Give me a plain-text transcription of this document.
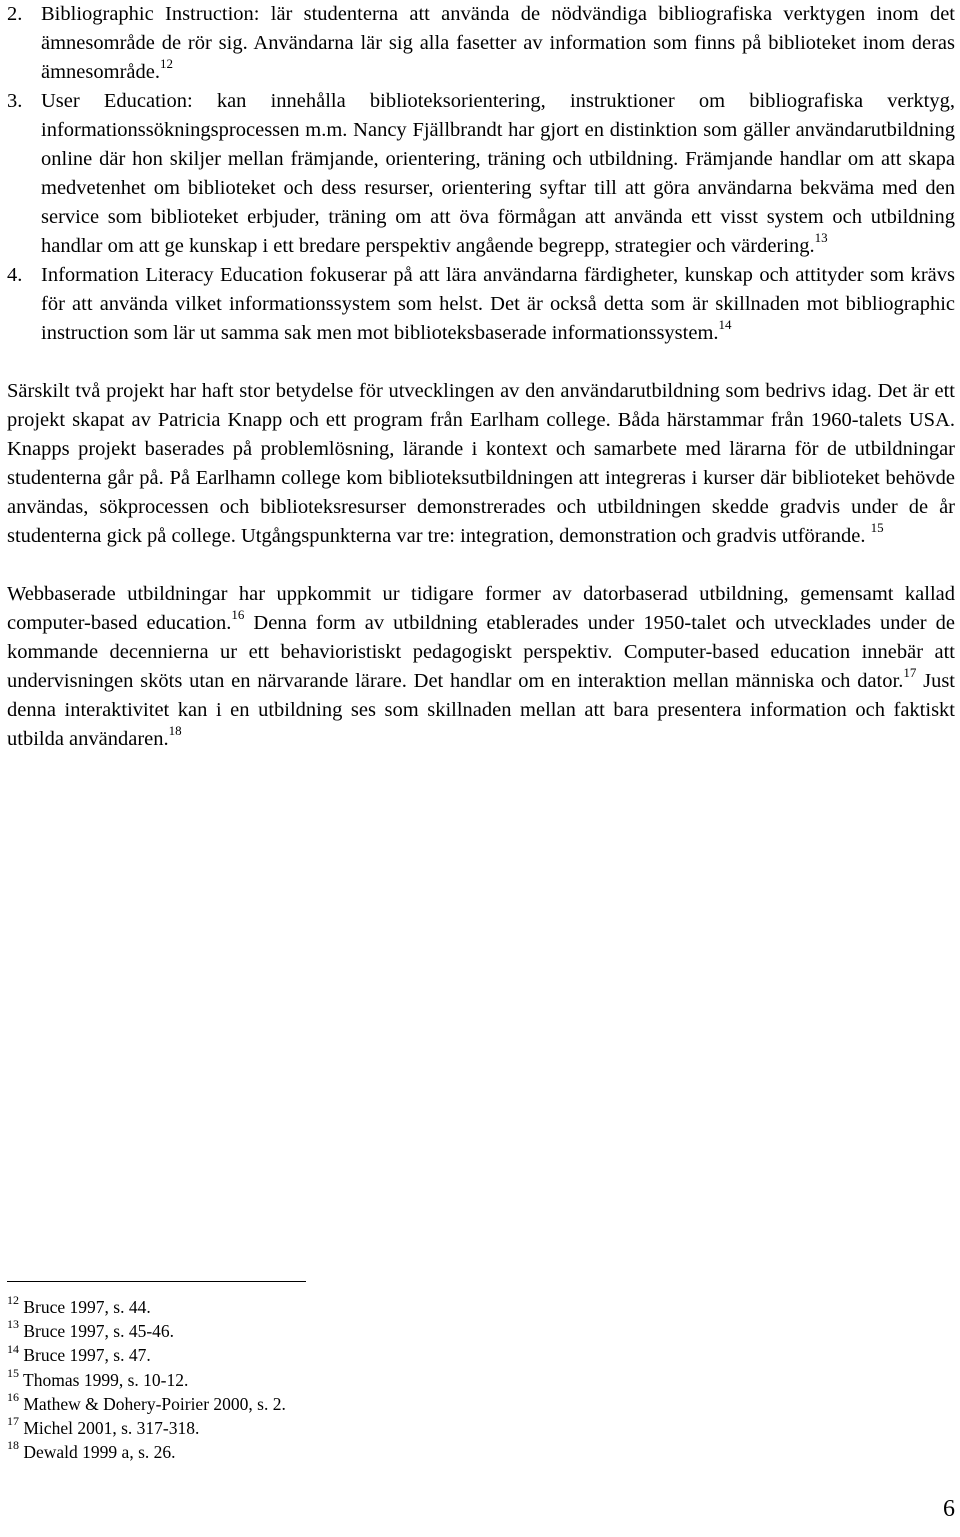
2. Bibliographic Instruction: lär studenterna att använda de nödvändiga bibliografiska verktygen inom det ämnesområde de rör sig. Användarna lär sig alla fasetter av information som finns på biblioteket inom deras ämnesområde.$^{12}$
3. User Education: kan innehålla biblioteksorientering, instruktioner om bibliografiska verktyg, informationssökningsprocessen m.m. Nancy Fjällbrandt har gjort en distinktion som gäller användarutbildning online där hon skiljer mellan främjande, orientering, träning och utbildning. Främjande handlar om att skapa medvetenhet om biblioteket och dess resurser, orientering syftar till att göra användarna bekväma med den service som biblioteket erbjuder, träning om att öva förmågan att använda ett visst system och utbildning handlar om att ge kunskap i ett bredare perspektiv angående begrepp, strategier och värdering.$^{13}$
4. Information Literacy Education fokuserar på att lära användarna färdigheter, kunskap och attityder som krävs för att använda vilket informationssystem som helst. Det är också detta som är skillnaden mot bibliographic instruction som lär ut samma sak men mot biblioteksbaserade informationssystem.$^{14}$

Särskilt två projekt har haft stor betydelse för utvecklingen av den användarutbildning som bedrivs idag. Det är ett projekt skapat av Patricia Knapp och ett program från Earlham college. Båda härstammar från 1960-talets USA. Knapps projekt baserades på problemlösning, lärande i kontext och samarbete med lärarna för de utbildningar studenterna går på. På Earlhamn college kom biblioteksutbildningen att integreras i kurser där biblioteket behövde användas, sökprocessen och biblioteksresurser demonstrerades och utbildningen skedde gradvis under de år studenterna gick på college. Utgångspunkterna var tre: integration, demonstration och gradvis utförande. $^{15}$

Webbaserade utbildningar har uppkommit ur tidigare former av datorbaserad utbildning, gemensamt kallad computer-based education.$^{16}$ Denna form av utbildning etablerades under 1950-talet och utvecklades under de kommande decennierna ur ett behavioristiskt pedagogiskt perspektiv. Computer-based education innebär att undervisningen sköts utan en närvarande lärare. Det handlar om en interaktion mellan människa och dator.$^{17}$ Just denna interaktivitet kan i en utbildning ses som skillnaden mellan att bara presentera information och faktiskt utbilda användaren.$^{18}$

$^{12}$ Bruce 1997, s. 44.
$^{13}$ Bruce 1997, s. 45-46.
$^{14}$ Bruce 1997, s. 47.
$^{15}$ Thomas 1999, s. 10-12.
$^{16}$ Mathew & Dohery-Poirier 2000, s. 2.
$^{17}$ Michel 2001, s. 317-318.
$^{18}$ Dewald 1999 a, s. 26.
6
